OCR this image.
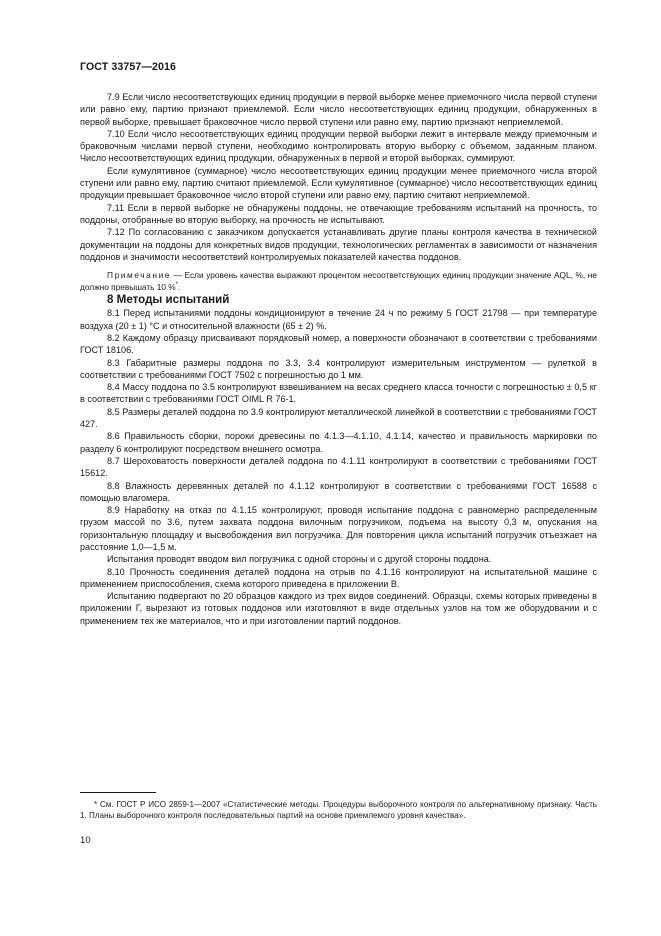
ГОСТ 33757—2016

7.9 Если число несоответствующих единиц продукции в первой выборке менее приемочного числа первой ступени или равно ему, партию признают приемлемой. Если число несоответствующих единиц продукции, обнаруженных в первой выборке, превышает браковочное число первой ступени или равно ему, партию признают неприемлемой.

7.10 Если число несоответствующих единиц продукции первой выборки лежит в интервале между приемочным и браковочным числами первой ступени, необходимо контролировать вторую выборку с объемом, заданным планом. Число несоответствующих единиц продукции, обнаруженных в первой и второй выборках, суммируют.

Если кумулятивное (суммарное) число несоответствующих единиц продукции менее приемочного числа второй ступени или равно ему, партию считают приемлемой. Если кумулятивное (суммарное) число несоответствующих единиц продукции превышает браковочное число второй ступени или равно ему, партию считают неприемлемой.

7.11 Если в первой выборке не обнаружены поддоны, не отвечающие требованиям испытаний на прочность, то поддоны, отобранные во вторую выборку, на прочность не испытывают.

7.12 По согласованию с заказчиком допускается устанавливать другие планы контроля качества в технической документации на поддоны для конкретных видов продукции, технологических регламентах в зависимости от назначения поддонов и значимости несоответствий контролируемых показателей качества поддонов.

Примечание — Если уровень качества выражают процентом несоответствующих единиц продукции значение AQL, %, не должно превышать 10 %*.

8 Методы испытаний

8.1 Перед испытаниями поддоны кондиционируют в течение 24 ч по режиму 5 ГОСТ 21798 — при температуре воздуха (20 ± 1) °С и относительной влажности (65 ± 2) %.

8.2 Каждому образцу присваивают порядковый номер, а поверхности обозначают в соответствии с требованиями ГОСТ 18106.

8.3 Габаритные размеры поддона по 3.3, 3.4 контролируют измерительным инструментом — рулеткой в соответствии с требованиями ГОСТ 7502 с погрешностью до 1 мм.

8.4 Массу поддона по 3.5 контролируют взвешиванием на весах среднего класса точности с погрешностью ± 0,5 кг в соответствии с требованиями ГОСТ OIML R 76-1.

8.5 Размеры деталей поддона по 3.9 контролируют металлической линейкой в соответствии с требованиями ГОСТ 427.

8.6 Правильность сборки, пороки древесины по 4.1.3—4.1.10, 4.1.14, качество и правильность маркировки по разделу 6 контролируют посредством внешнего осмотра.

8.7 Шероховатость поверхности деталей поддона по 4.1.11 контролируют в соответствии с требованиями ГОСТ 15612.

8.8 Влажность деревянных деталей по 4.1.12 контролируют в соответствии с требованиями ГОСТ 16588 с помощью влагомера.

8.9 Наработку на отказ по 4.1.15 контролируют, проводя испытание поддона с равномерно распределенным грузом массой по 3.6, путем захвата поддона вилочным погрузчиком, подъема на высоту 0,3 м, опускания на горизонтальную площадку и высвобождения вил погрузчика. Для повторения цикла испытаний погрузчик отъезжает на расстояние 1,0—1,5 м.

Испытания проводят вводом вил погрузчика с одной стороны и с другой стороны поддона.

8.10 Прочность соединения деталей поддона на отрыв по 4.1.16 контролируют на испытательной машине с применением приспособления, схема которого приведена в приложении В.

Испытанию подвергают по 20 образцов каждого из трех видов соединений. Образцы, схемы которых приведены в приложении Г, вырезают из готовых поддонов или изготовляют в виде отдельных узлов на том же оборудовании и с применением тех же материалов, что и при изготовлении партий поддонов.

* См. ГОСТ Р ИСО 2859-1—2007 «Статистические методы. Процедуры выборочного контроля по альтернативному признаку. Часть 1. Планы выборочного контроля последовательных партий на основе приемлемого уровня качества».
10
